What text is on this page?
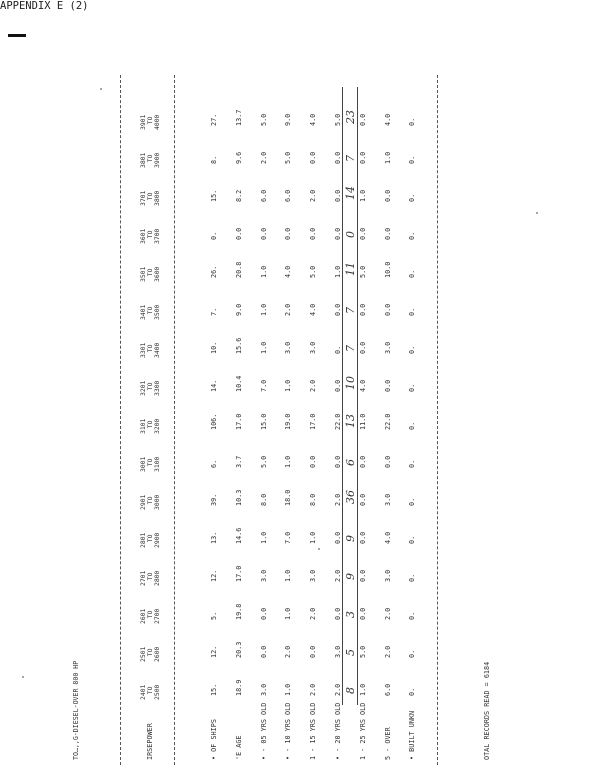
APPENDIX E (2)
TO…,,G-DIESEL-OVER 800 HP	IRSEPOWER
2401
TO
2500
2501
TO
2600
2601
TO
2700
2701
TO
2800
2801
TO
2900
2901
TO
3000
3001
TO
3100
3101
TO
3200
3201
TO
3300
3301
TO
3400
3401
TO
3500
3501
TO
3600
3601
TO
3700
3701
TO
3800
3801
TO
3900
3901
TO
4000
• OF SHIPS
15.
12.
5.
12.
13.
39.
6.
106.
14.
10.
7.
26.
0.
15.
8.
27.
'E AGE
18.9
20.3
19.8
17.0
14.6
10.3
3.7
17.0
10.4
15.6
9.0
20.8
0.0
8.2
9.6
13.7
• - 05 YRS OLD
3.0
0.0
0.0
3.0
1.0
8.0
5.0
15.0
7.0
1.0
1.0
1.0
0.0
6.0
2.0
5.0
• - 10 YRS OLD
1.0
2.0
1.0
1.0
7.0
18.0
1.0
19.0
1.0
3.0
2.0
4.0
0.0
6.0
5.0
9.0
1 - 15 YRS OLD
2.0
0.0
2.0
3.0
1.0
8.0
0.0
17.0
2.0
3.0
4.0
5.0
0.0
2.0
0.0
4.0
• - 20 YRS OLD
2.0
3.0
0.0
2.0
0.0
2.0
0.0
22.0
0.0
0.
0.0
1.0
0.0
0.0
0.0
5.0
1 - 25 YRS OLD
1.0
5.0
0.0
0.0
0.0
0.0
0.0
11.0
4.0
0.0
0.0
5.0
0.0
1.0
0.0
0.0
5 - OVER
6.0
2.0
2.0
3.0
4.0
3.0
0.0
22.0
0.0
3.0
0.0
10.0
0.0
0.0
1.0
4.0
• BUILT UNKN
0.
0.
0.
0.
0.
0.
0.
0.
0.
0.
0.
0.
0.
0.
0.
0.
8
5
3
9
9
36
6
13
10
7
7
11
0
14
7
23
OTAL RECORDS READ = 6184
